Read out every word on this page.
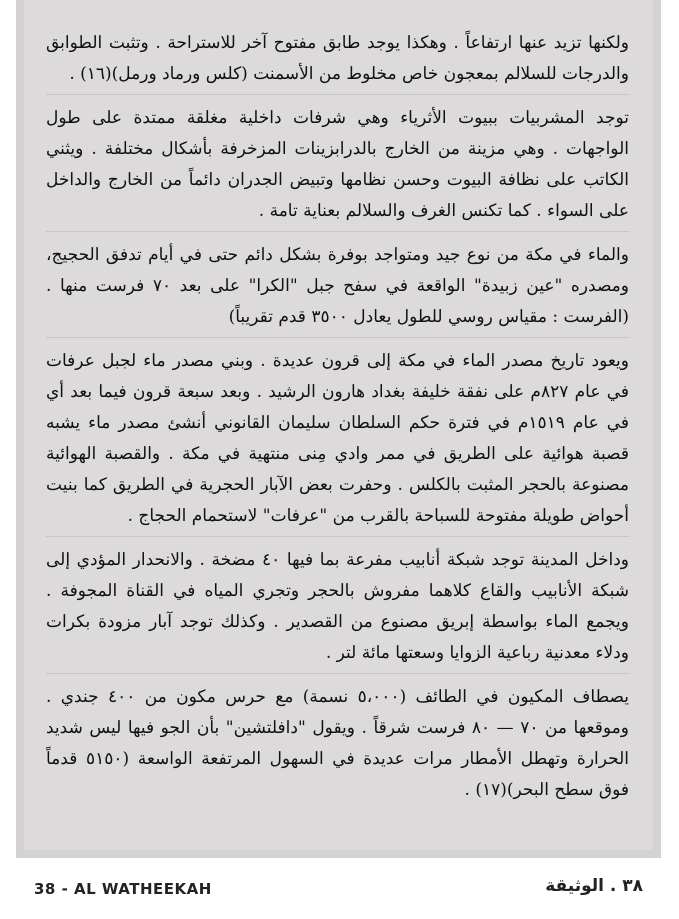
ولكنها تزيد عنها ارتفاعاً . وهكذا يوجد طابق مفتوح آخر للاستراحة . وتثبت الطوابق والدرجات للسلالم بمعجون خاص مخلوط من الأسمنت (كلس ورماد ورمل)(١٦) .

توجد المشربيات ببيوت الأثرياء وهي شرفات داخلية مغلقة ممتدة على طول الواجهات . وهي مزينة من الخارج بالدرابزينات المزخرفة بأشكال مختلفة . ويثني الكاتب على نظافة البيوت وحسن نظامها وتبيض الجدران دائماً من الخارج والداخل على السواء . كما تكنس الغرف والسلالم بعناية تامة .

والماء في مكة من نوع جيد ومتواجد بوفرة بشكل دائم حتى في أيام تدفق الحجيج، ومصدره "عين زبيدة" الواقعة في سفح جبل "الكرا" على بعد ٧٠ فرست منها . (الفرست : مقياس روسي للطول يعادل ٣٥٠٠ قدم تقريباً)

ويعود تاريخ مصدر الماء في مكة إلى قرون عديدة . وبني مصدر ماء لجبل عرفات في عام ٨٢٧م على نفقة خليفة بغداد هارون الرشيد . وبعد سبعة قرون فيما بعد أي في عام ١٥١٩م في فترة حكم السلطان سليمان القانوني أنشئ مصدر ماء يشبه قصبة هوائية على الطريق في ممر وادي مِنى منتهية في مكة . والقصبة الهوائية مصنوعة بالحجر المثبت بالكلس . وحفرت بعض الآبار الحجرية في الطريق كما بنيت أحواض طويلة مفتوحة للسباحة بالقرب من "عرفات" لاستحمام الحجاج .

وداخل المدينة توجد شبكة أنابيب مفرعة بما فيها ٤٠ مضخة . والانحدار المؤدي إلى شبكة الأنابيب والقاع كلاهما مفروش بالحجر وتجري المياه في القناة المجوفة . ويجمع الماء بواسطة إبريق مصنوع من القصدير . وكذلك توجد آبار مزودة بكرات ودلاء معدنية رباعية الزوايا وسعتها مائة لتر .

يصطاف المكيون في الطائف (٥،٠٠٠ نسمة) مع حرس مكون من ٤٠٠ جندي . وموقعها من ٧٠ — ٨٠ فرست شرقاً . ويقول "دافلتشين" بأن الجو فيها ليس شديد الحرارة وتهطل الأمطار مرات عديدة في السهول المرتفعة الواسعة (٥١٥٠ قدماً فوق سطح البحر)(١٧) .

38 - AL WATHEEKAH	٣٨ . الوثيقة
